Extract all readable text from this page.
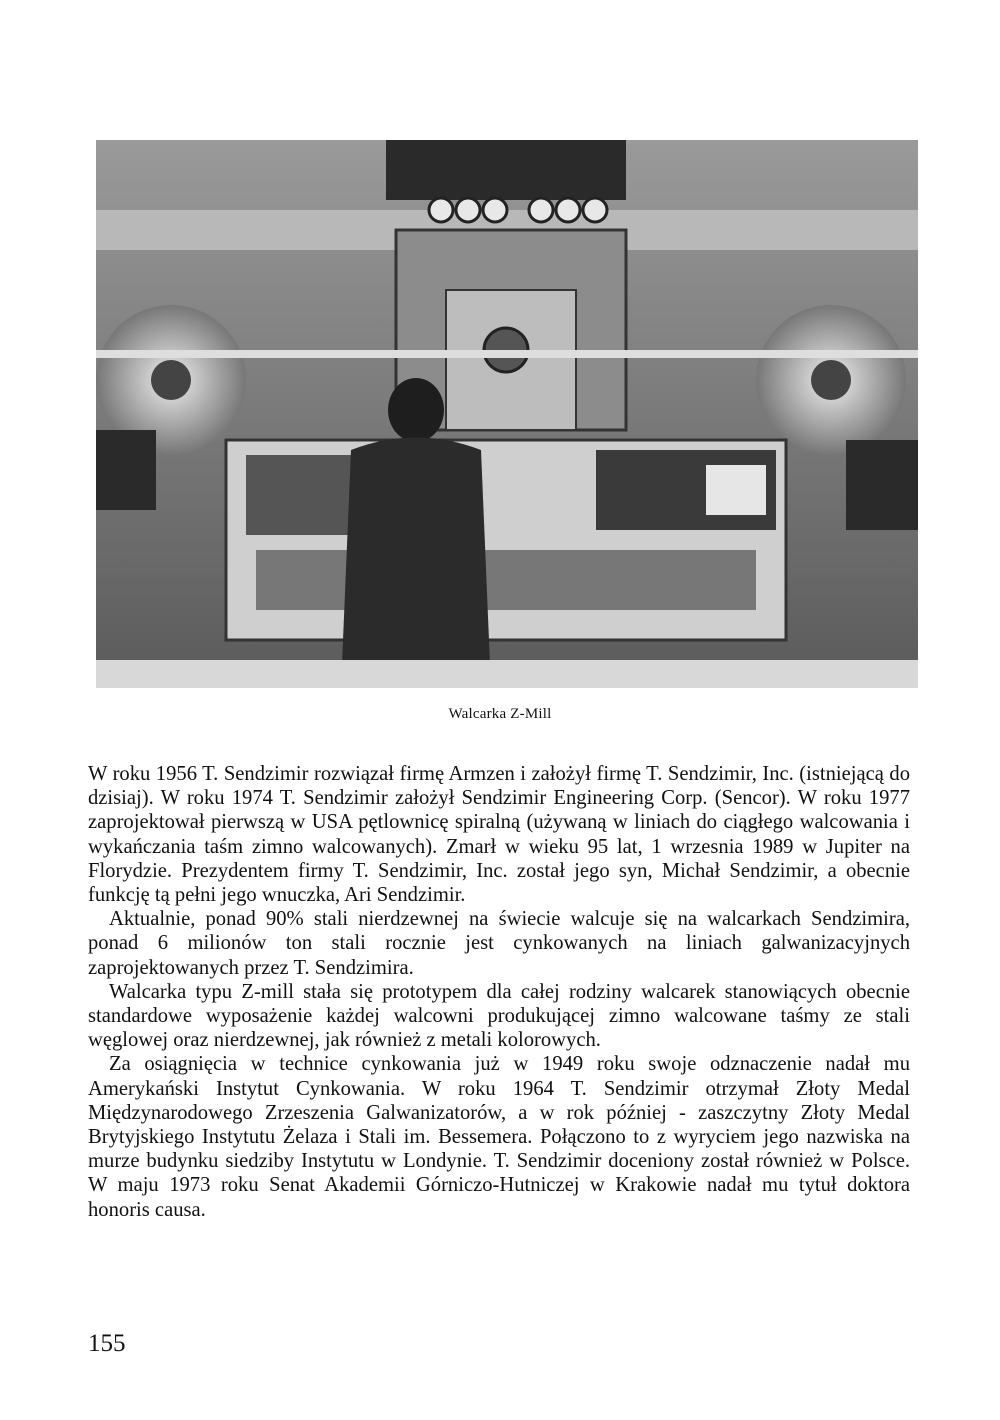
Walcarka Z-Mill

W roku 1956 T. Sendzimir rozwiązał firmę Armzen i założył firmę T. Sendzimir, Inc. (istniejącą do dzisiaj). W roku 1974 T. Sendzimir założył Sendzimir Engineering Corp. (Sencor). W roku 1977 zaprojektował pierwszą w USA pętlownicę spiralną (używaną w liniach do ciągłego walcowania i wykańczania taśm zimno walcowanych). Zmarł w wieku 95 lat, 1 wrzesnia 1989 w Jupiter na Florydzie. Prezydentem firmy T. Sendzimir, Inc. został jego syn, Michał Sendzimir, a obecnie funkcję tą pełni jego wnuczka, Ari Sendzimir.

Aktualnie, ponad 90% stali nierdzewnej na świecie walcuje się na walcarkach Sendzimira, ponad 6 milionów ton stali rocznie jest cynkowanych na liniach galwanizacyjnych zaprojektowanych przez T. Sendzimira.

Walcarka typu Z-mill stała się prototypem dla całej rodziny walcarek stanowiących obecnie standardowe wyposażenie każdej walcowni produkującej zimno walcowane taśmy ze stali węglowej oraz nierdzewnej, jak również z metali kolorowych.

Za osiągnięcia w technice cynkowania już w 1949 roku swoje odznaczenie nadał mu Amerykański Instytut Cynkowania. W roku 1964 T. Sendzimir otrzymał Złoty Medal Międzynarodowego Zrzeszenia Galwanizatorów, a w rok później - zaszczytny Złoty Medal Brytyjskiego Instytutu Żelaza i Stali im. Bessemera. Połączono to z wyryciem jego nazwiska na murze budynku siedziby Instytutu w Londynie. T. Sendzimir doceniony został również w Polsce. W maju 1973 roku Senat Akademii Górniczo-Hutniczej w Krakowie nadał mu tytuł doktora honoris causa.

155
